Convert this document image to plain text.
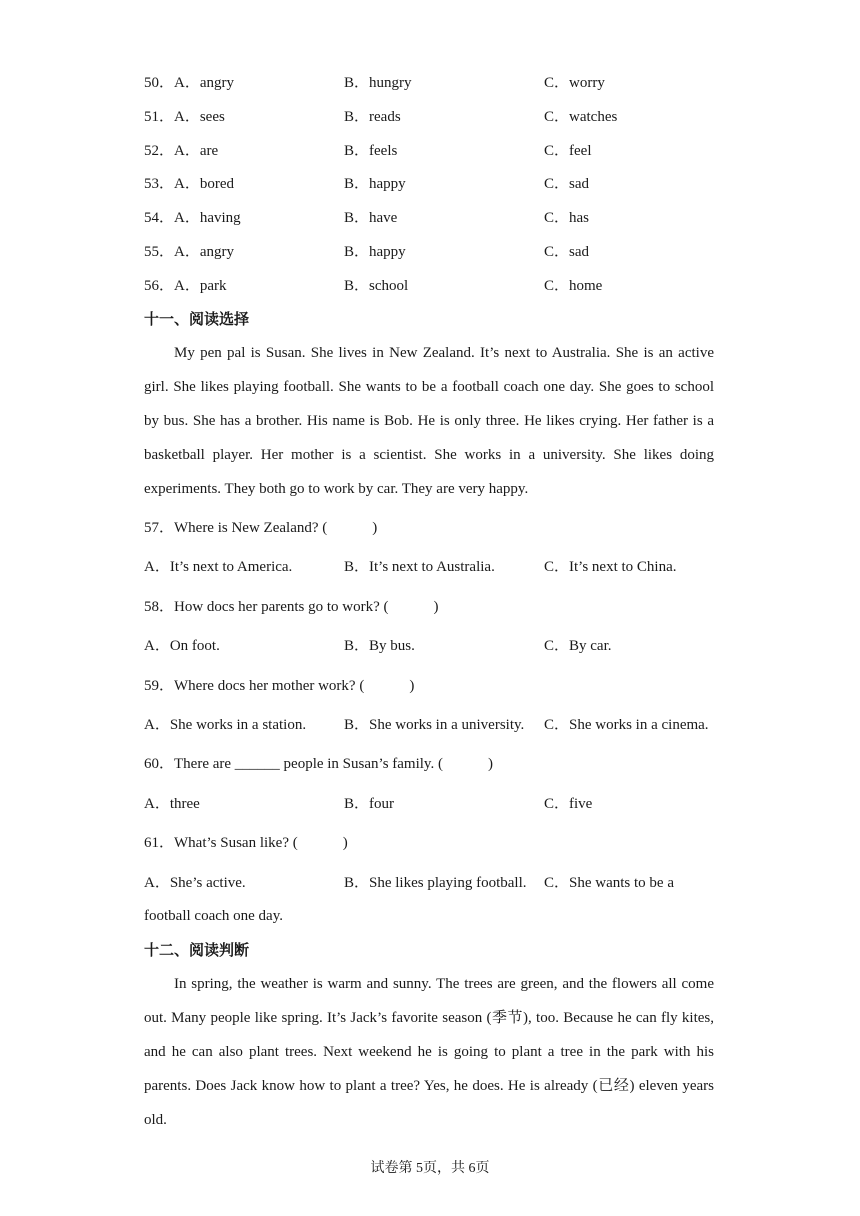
50．A．angry	B．hungry	C．worry
51．A．sees	B．reads	C．watches
52．A．are	B．feels	C．feel
53．A．bored	B．happy	C．sad
54．A．having	B．have	C．has
55．A．angry	B．happy	C．sad
56．A．park	B．school	C．home
十一、阅读选择

My pen pal is Susan. She lives in New Zealand. It’s next to Australia. She is an active girl. She likes playing football. She wants to be a football coach one day. She goes to school by bus. She has a brother. His name is Bob. He is only three. He likes crying. Her father is a basketball player. Her mother is a scientist. She works in a university. She likes doing experiments. They both go to work by car. They are very happy.

57．Where is New Zealand? (　　　)
A．It’s next to America.	B．It’s next to Australia.	C．It’s next to China.
58．How docs her parents go to work? (　　　)
A．On foot.	B．By bus.	C．By car.
59．Where docs her mother work? (　　　)
A．She works in a station.	B．She works in a university. C．She works in a cinema.
60．There are ______ people in Susan’s family. (　　　)
A．three	B．four	C．five
61．What’s Susan like? (　　　)
A．She’s active.	B．She likes playing football. C．She wants to be a
football coach one day.
十二、阅读判断

In spring, the weather is warm and sunny. The trees are green, and the flowers all come out. Many people like spring. It’s Jack’s favorite season (季节), too. Because he can fly kites, and he can also plant trees. Next weekend he is going to plant a tree in the park with his parents. Does Jack know how to plant a tree? Yes, he does. He is already (已经) eleven years old.

试卷第 5页，共 6页
